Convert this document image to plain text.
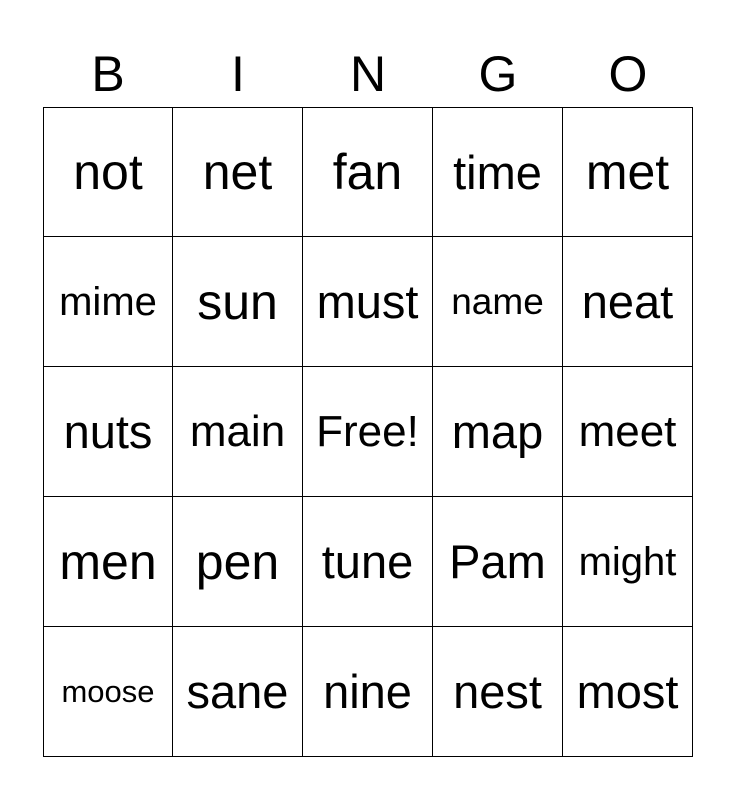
B	I	N	G	O
not net fan time met
mime sun must name neat
nuts main Free! map meet
men pen tune Pam might
moose sane nine nest most
